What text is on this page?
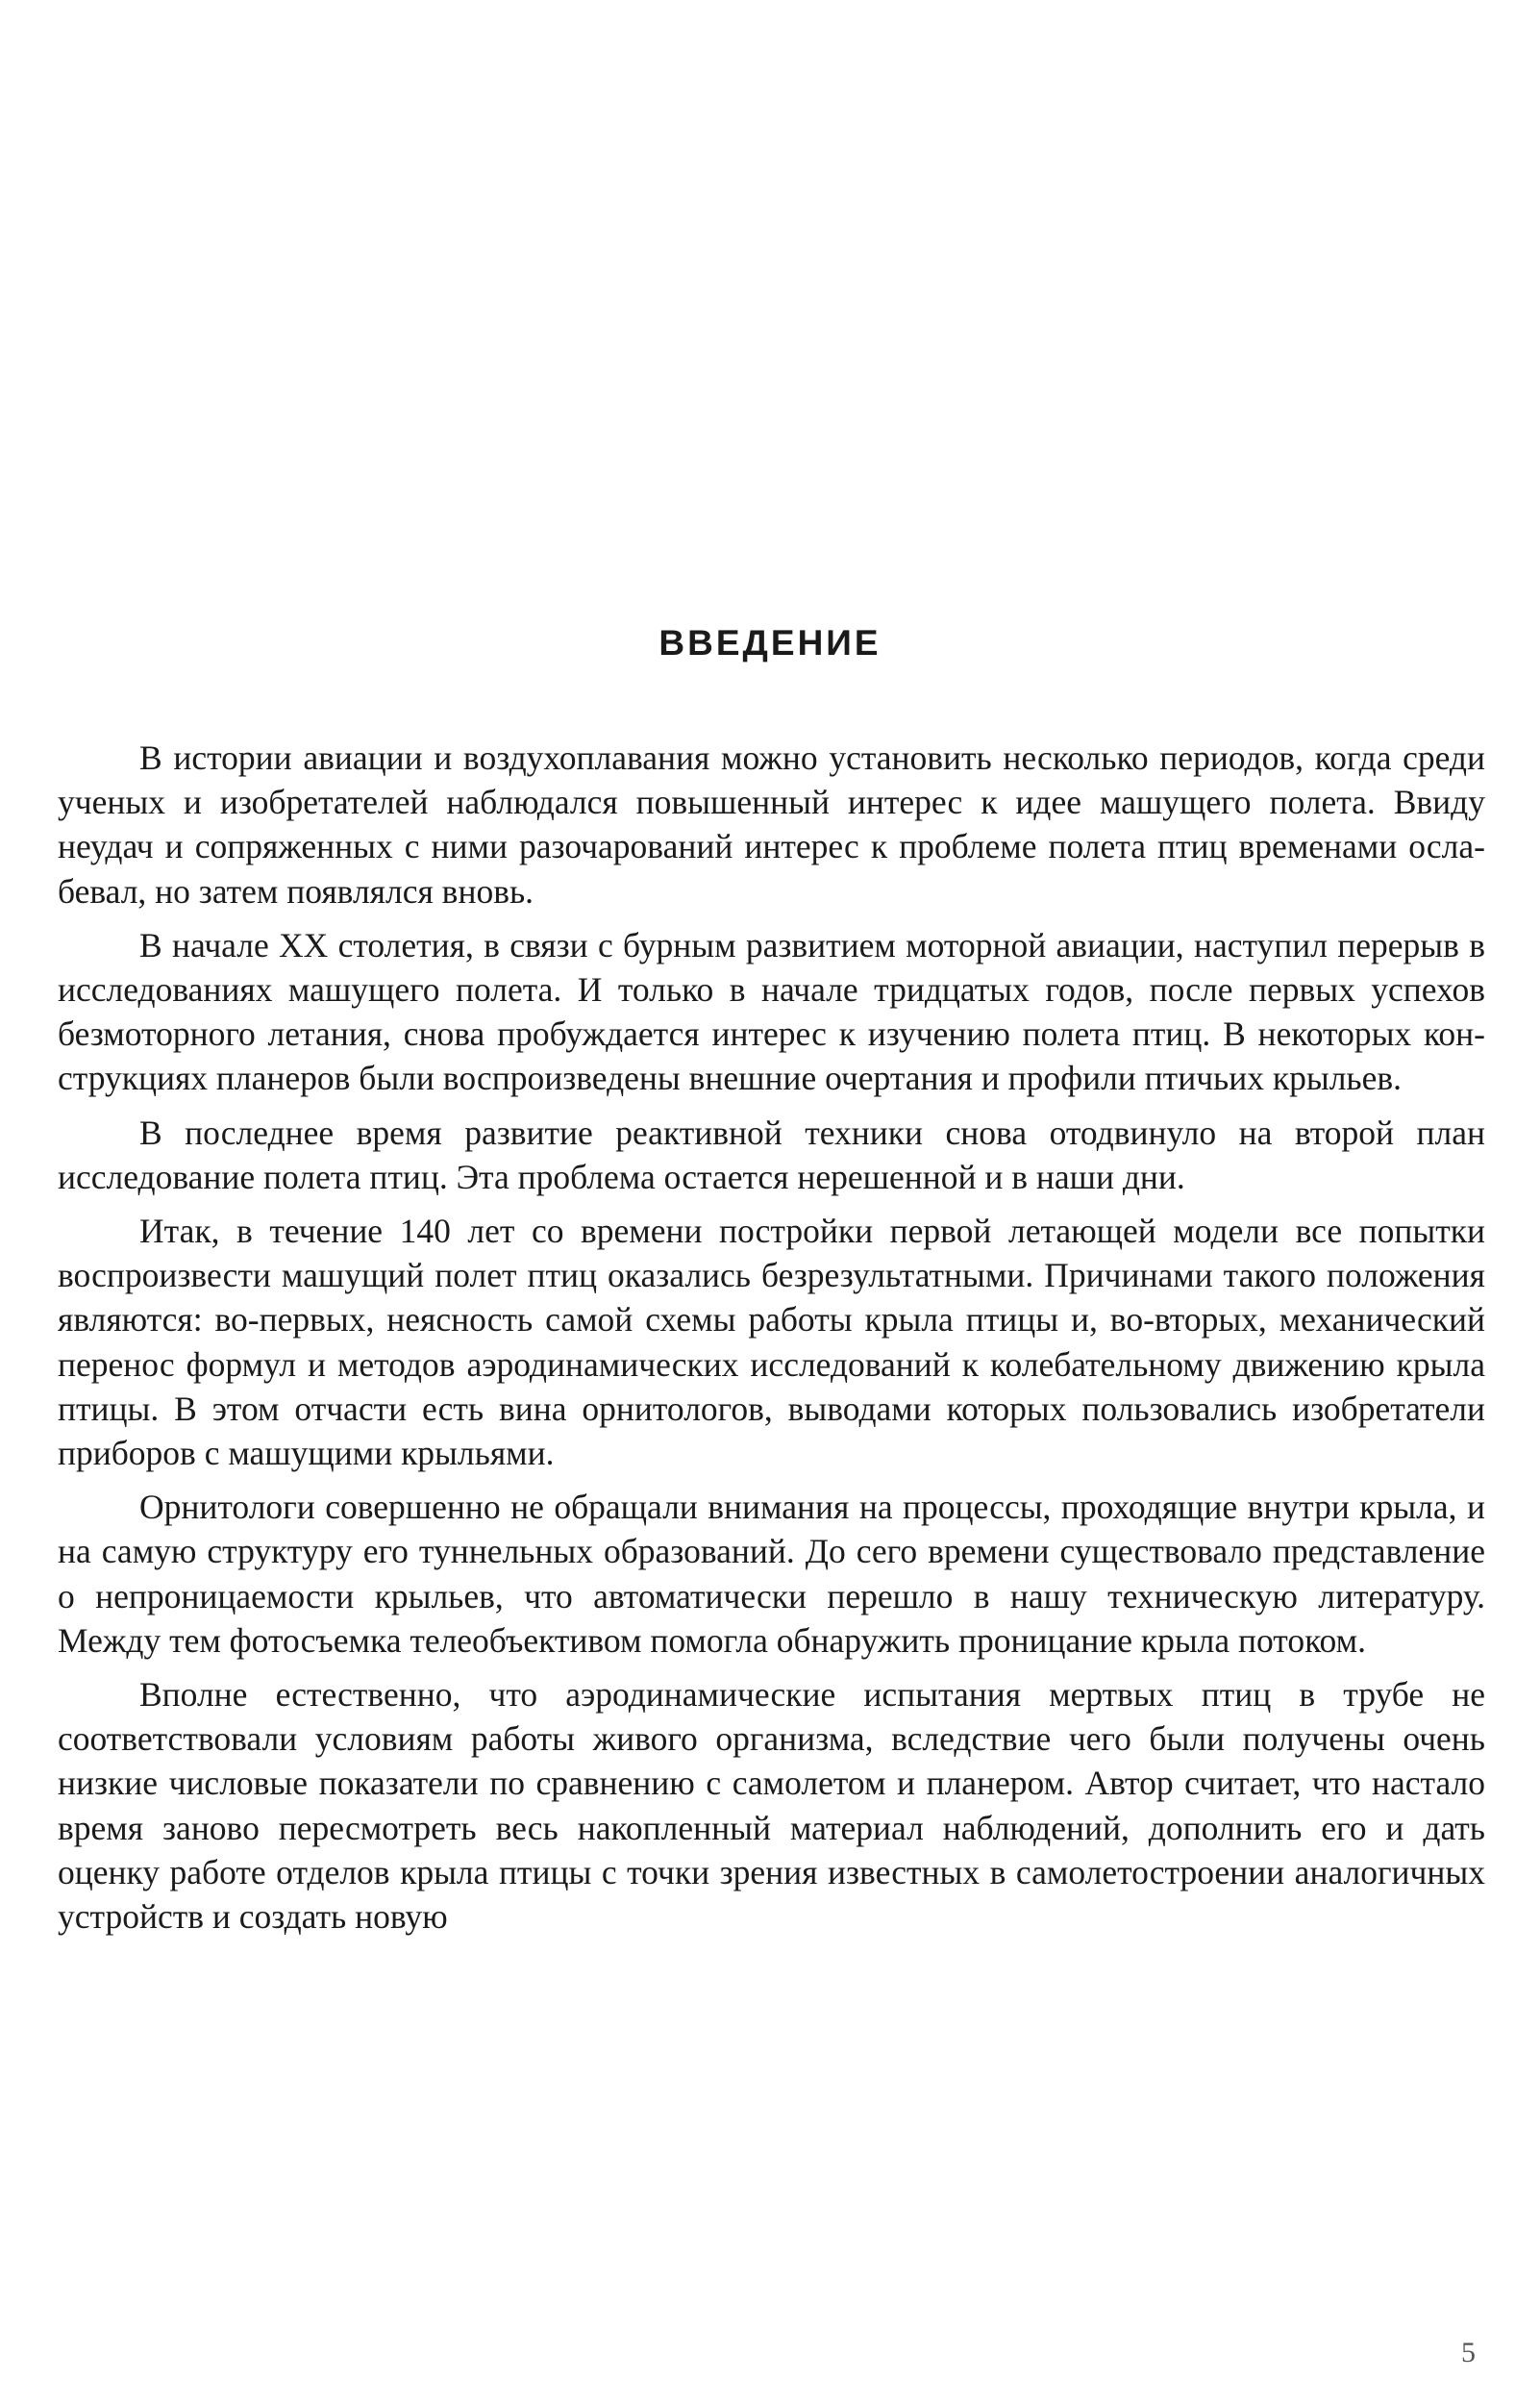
ВВЕДЕНИЕ

В истории авиации и воздухоплавания можно установить несколько периодов, когда среди ученых и изобретателей наблюдался повышенный интерес к идее машущего полета. Ввиду неудач и сопряженных с ними разочарований интерес к проблеме полета птиц временами ослабевал, но затем появлялся вновь.

В начале XX столетия, в связи с бурным развитием моторной авиации, наступил перерыв в исследованиях машущего полета. И только в начале тридцатых годов, после первых успехов безмоторного летания, снова пробуждается интерес к изучению полета птиц. В некоторых конструкциях планеров были воспроизведены внешние очертания и профили птичьих крыльев.

В последнее время развитие реактивной техники снова отодвинуло на второй план исследование полета птиц. Эта проблема остается нерешенной и в наши дни.

Итак, в течение 140 лет со времени постройки первой летающей модели все попытки воспроизвести машущий полет птиц оказались безрезультатными. Причинами такого положения являются: во-первых, неясность самой схемы работы крыла птицы и, во-вторых, механический перенос формул и методов аэродинамических исследований к колебательному движению крыла птицы. В этом отчасти есть вина орнитологов, выводами которых пользовались изобретатели приборов с машущими крыльями.

Орнитологи совершенно не обращали внимания на процессы, проходящие внутри крыла, и на самую структуру его туннельных образований. До сего времени существовало представление о непроницаемости крыльев, что автоматически перешло в нашу техническую литературу. Между тем фотосъемка телеобъективом помогла обнаружить проницание крыла потоком.

Вполне естественно, что аэродинамические испытания мертвых птиц в трубе не соответствовали условиям работы живого организма, вследствие чего были получены очень низкие числовые показатели по сравнению с самолетом и планером. Автор считает, что настало время заново пересмотреть весь накопленный материал наблюдений, дополнить его и дать оценку работе отделов крыла птицы с точки зрения известных в самолетостроении аналогичных устройств и создать новую

5
